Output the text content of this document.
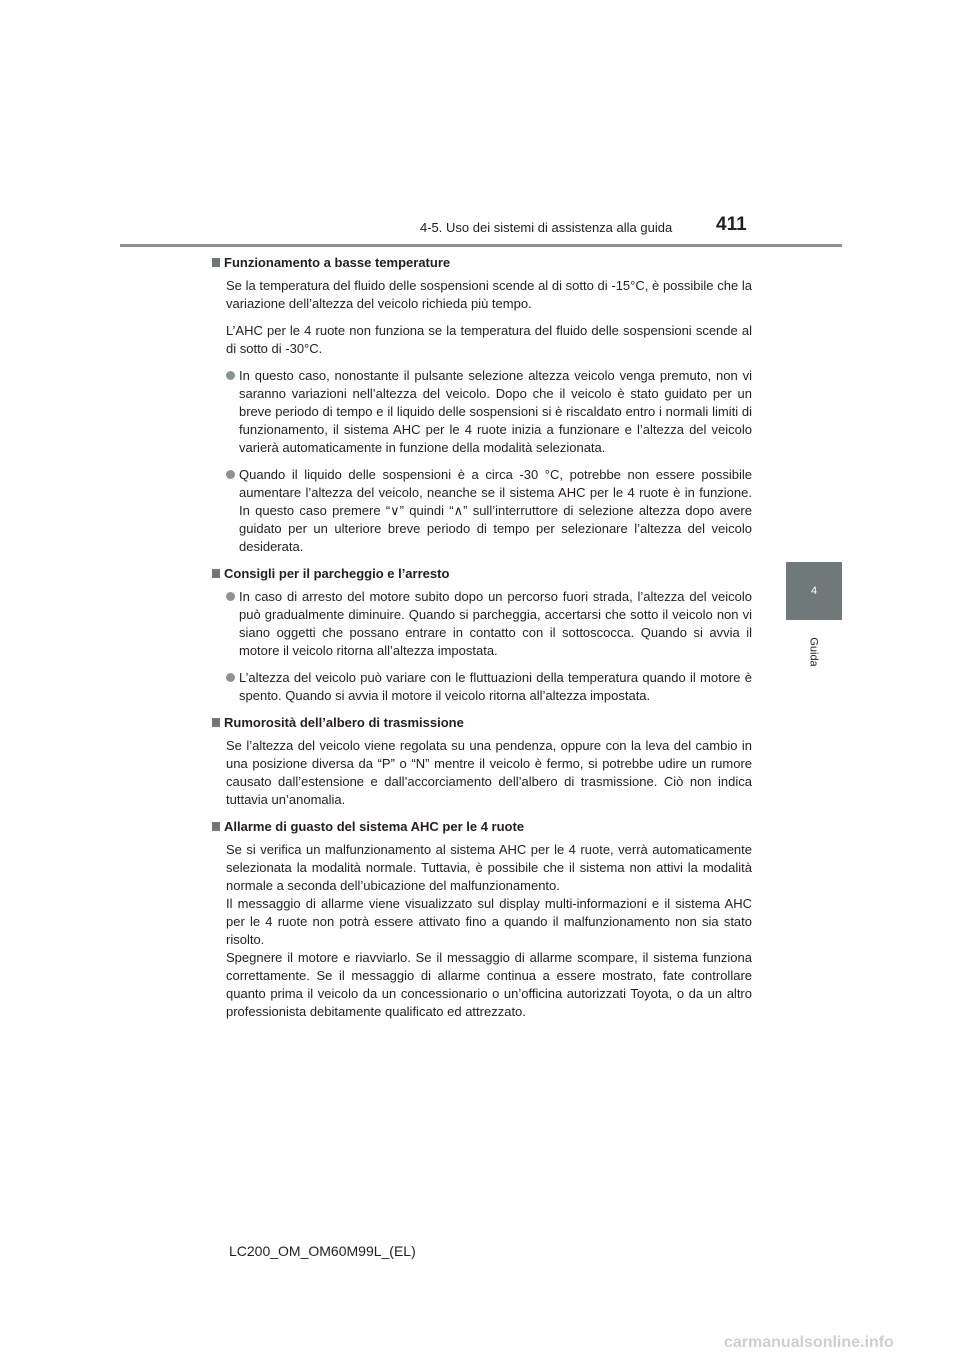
4-5. Uso dei sistemi di assistenza alla guida 411
4
Guida
Funzionamento a basse temperature

Se la temperatura del fluido delle sospensioni scende al di sotto di -15°C, è possibile che la variazione dell’altezza del veicolo richieda più tempo.

L’AHC per le 4 ruote non funziona se la temperatura del fluido delle sospensioni scende al di sotto di -30°C.

In questo caso, nonostante il pulsante selezione altezza veicolo venga premuto, non vi saranno variazioni nell’altezza del veicolo. Dopo che il veicolo è stato guidato per un breve periodo di tempo e il liquido delle sospensioni si è riscaldato entro i normali limiti di funzionamento, il sistema AHC per le 4 ruote inizia a funzionare e l’altezza del veicolo varierà automaticamente in funzione della modalità selezionata.
Quando il liquido delle sospensioni è a circa -30 °C, potrebbe non essere possibile aumentare l’altezza del veicolo, neanche se il sistema AHC per le 4 ruote è in funzione. In questo caso premere “∨” quindi “∧” sull’interruttore di selezione altezza dopo avere guidato per un ulteriore breve periodo di tempo per selezionare l’altezza del veicolo desiderata.
Consigli per il parcheggio e l’arresto
In caso di arresto del motore subito dopo un percorso fuori strada, l’altezza del veicolo può gradualmente diminuire. Quando si parcheggia, accertarsi che sotto il veicolo non vi siano oggetti che possano entrare in contatto con il sottoscocca. Quando si avvia il motore il veicolo ritorna all’altezza impostata.
L’altezza del veicolo può variare con le fluttuazioni della temperatura quando il motore è spento. Quando si avvia il motore il veicolo ritorna all’altezza impostata.
Rumorosità dell’albero di trasmissione

Se l’altezza del veicolo viene regolata su una pendenza, oppure con la leva del cambio in una posizione diversa da “P” o “N” mentre il veicolo è fermo, si potrebbe udire un rumore causato dall’estensione e dall’accorciamento dell’albero di trasmissione. Ciò non indica tuttavia un’anomalia.

Allarme di guasto del sistema AHC per le 4 ruote

Se si verifica un malfunzionamento al sistema AHC per le 4 ruote, verrà automaticamente selezionata la modalità normale. Tuttavia, è possibile che il sistema non attivi la modalità normale a seconda dell’ubicazione del malfunzionamento.
Il messaggio di allarme viene visualizzato sul display multi-informazioni e il sistema AHC per le 4 ruote non potrà essere attivato fino a quando il malfunzionamento non sia stato risolto.
Spegnere il motore e riavviarlo. Se il messaggio di allarme scompare, il sistema funziona correttamente. Se il messaggio di allarme continua a essere mostrato, fate controllare quanto prima il veicolo da un concessionario o un’officina autorizzati Toyota, o da un altro professionista debitamente qualificato ed attrezzato.

LC200_OM_OM60M99L_(EL)
carmanualsonline.info
